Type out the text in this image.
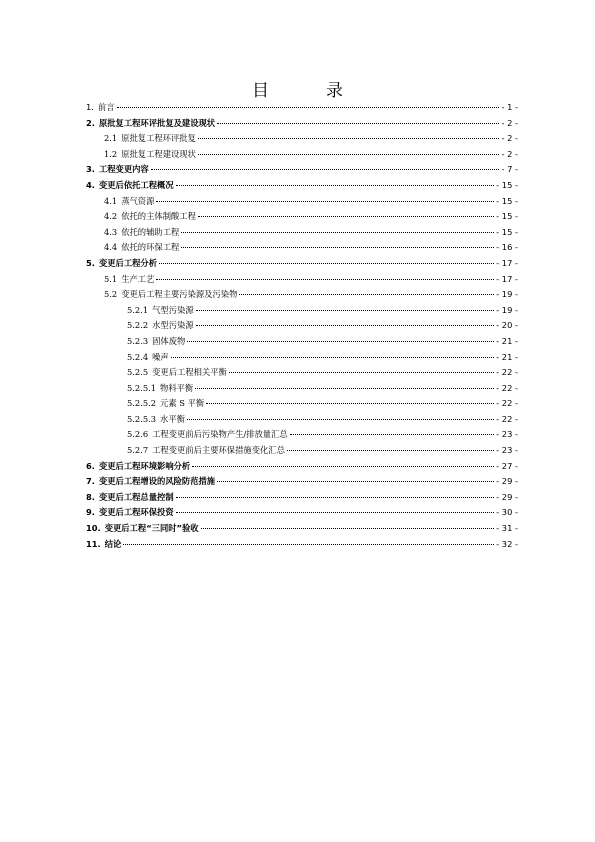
目　录
1. 前言	- 1 -
2. 原批复工程环评批复及建设现状	- 2 -
2.1 原批复工程环评批复	- 2 -
1.2 原批复工程建设现状	- 2 -
3. 工程变更内容	- 7 -
4. 变更后依托工程概况	- 15 -
4.1 蒸气资源	- 15 -
4.2 依托的主体制酸工程	- 15 -
4.3 依托的辅助工程	- 15 -
4.4 依托的环保工程	- 16 -
5. 变更后工程分析	- 17 -
5.1 生产工艺	- 17 -
5.2 变更后工程主要污染源及污染物	- 19 -
5.2.1 气型污染源	- 19 -
5.2.2 水型污染源	- 20 -
5.2.3 固体废物	- 21 -
5.2.4 噪声	- 21 -
5.2.5 变更后工程相关平衡	- 22 -
5.2.5.1 物料平衡	- 22 -
5.2.5.2 元素 S 平衡	- 22 -
5.2.5.3 水平衡	- 22 -
5.2.6 工程变更前后污染物产生/排放量汇总	- 23 -
5.2.7 工程变更前后主要环保措施变化汇总	- 23 -
6. 变更后工程环境影响分析	- 27 -
7. 变更后工程增设的风险防范措施	- 29 -
8. 变更后工程总量控制	- 29 -
9. 变更后工程环保投资	- 30 -
10. 变更后工程“三同时”验收	- 31 -
11. 结论	- 32 -
